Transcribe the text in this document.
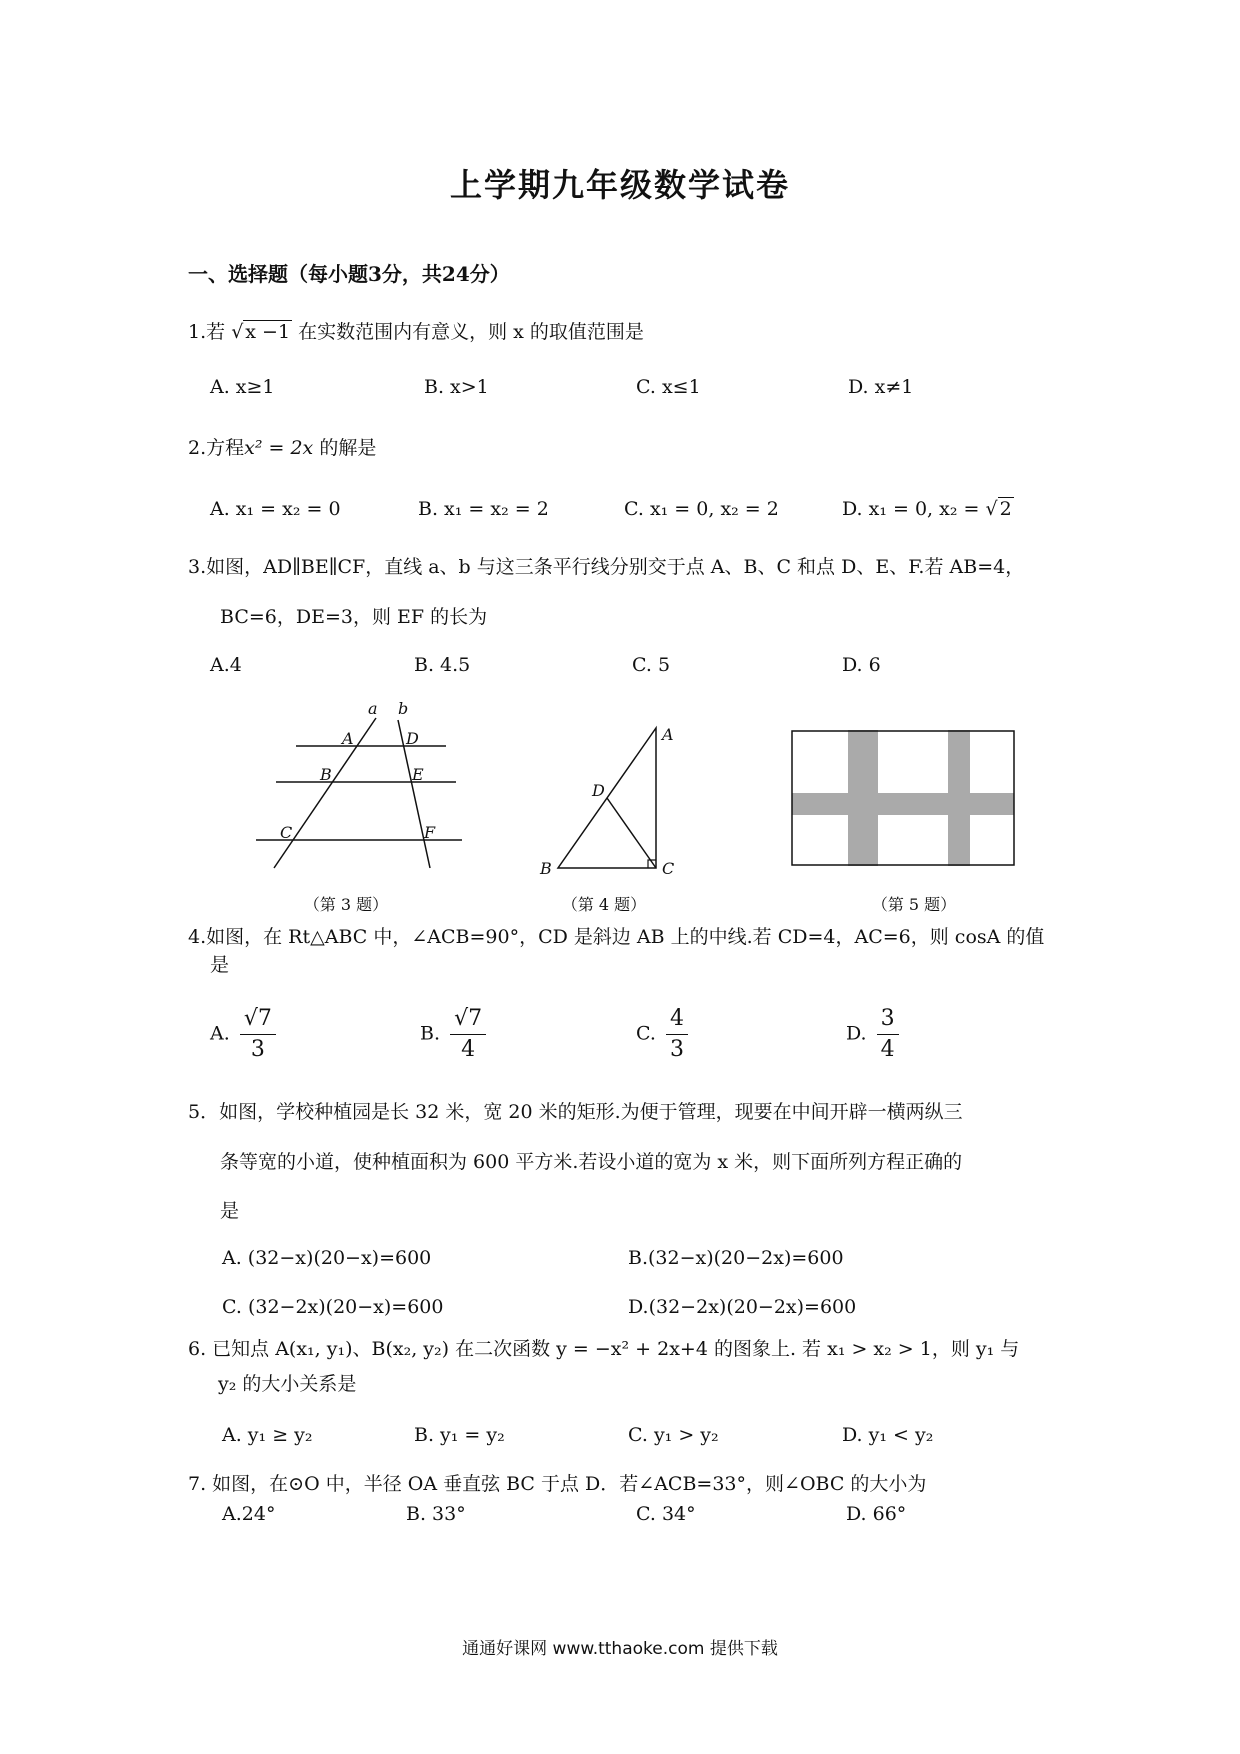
上学期九年级数学试卷
一、选择题（每小题3分，共24分）
1.若 √ x −1 在实数范围内有意义，则 x 的取值范围是
A. x≥1	B. x>1	C. x≤1	D. x≠1
2.方程x² = 2x 的解是
A. x₁ = x₂ = 0	B. x₁ = x₂ = 2	C. x₁ = 0, x₂ = 2	D. x₁ = 0, x₂ = √ 2
3.如图，AD∥BE∥CF，直线 a、b 与这三条平行线分别交于点 A、B、C 和点 D、E、F.若 AB=4，
BC=6，DE=3，则 EF 的长为
A.4	B. 4.5	C. 5	D. 6
a b
A	D
B	E
C	F
A
D
B	C
（第 3 题）	（第 4 题）	（第 5 题）
4.如图，在 Rt△ABC 中，∠ACB=90°，CD 是斜边 AB 上的中线.若 CD=4，AC=6，则 cosA 的值
是
A. $\frac{√7}{3}$	B. $\frac{√7}{4}$	C. $\frac{4}{3}$	D. $\frac{3}{4}$
5．如图，学校种植园是长 32 米，宽 20 米的矩形.为便于管理，现要在中间开辟一横两纵三
条等宽的小道，使种植面积为 600 平方米.若设小道的宽为 x 米，则下面所列方程正确的
是
A. (32−x)(20−x)=600	B.(32−x)(20−2x)=600
C. (32−2x)(20−x)=600	D.(32−2x)(20−2x)=600
6. 已知点 A(x₁, y₁)、B(x₂, y₂) 在二次函数 y = −x² + 2x+4 的图象上. 若 x₁ > x₂ > 1，则 y₁ 与
y₂ 的大小关系是
A. y₁ ≥ y₂	B. y₁ = y₂	C. y₁ > y₂	D. y₁ < y₂
7. 如图，在⊙O 中，半径 OA 垂直弦 BC 于点 D．若∠ACB=33°，则∠OBC 的大小为
A.24°	B. 33°	C. 34°	D. 66°
通通好课网 www.tthaoke.com 提供下载
